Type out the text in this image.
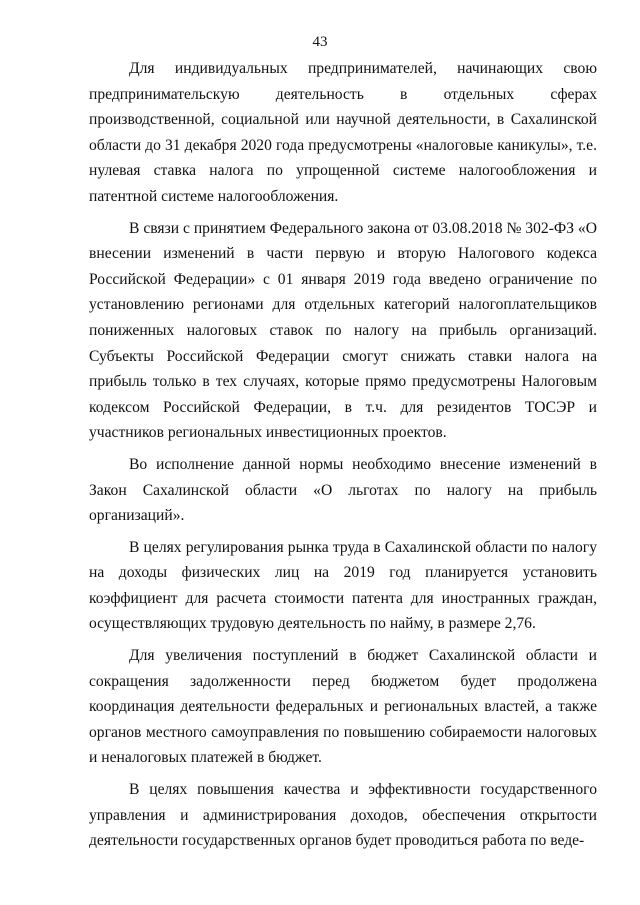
43

Для индивидуальных предпринимателей, начинающих свою предпринимательскую деятельность в отдельных сферах производственной, социальной или научной деятельности, в Сахалинской области до 31 декабря 2020 года предусмотрены «налоговые каникулы», т.е. нулевая ставка налога по упрощенной системе налогообложения и патентной системе налогообложения.

В связи с принятием Федерального закона от 03.08.2018 № 302-ФЗ «О внесении изменений в части первую и вторую Налогового кодекса Российской Федерации» с 01 января 2019 года введено ограничение по установлению регионами для отдельных категорий налогоплательщиков пониженных налоговых ставок по налогу на прибыль организаций. Субъекты Российской Федерации смогут снижать ставки налога на прибыль только в тех случаях, которые прямо предусмотрены Налоговым кодексом Российской Федерации, в т.ч. для резидентов ТОСЭР и участников региональных инвестиционных проектов.

Во исполнение данной нормы необходимо внесение изменений в Закон Сахалинской области «О льготах по налогу на прибыль организаций».

В целях регулирования рынка труда в Сахалинской области по налогу на доходы физических лиц на 2019 год планируется установить коэффициент для расчета стоимости патента для иностранных граждан, осуществляющих трудовую деятельность по найму, в размере 2,76.

Для увеличения поступлений в бюджет Сахалинской области и сокращения задолженности перед бюджетом будет продолжена координация деятельности федеральных и региональных властей, а также органов местного самоуправления по повышению собираемости налоговых и неналоговых платежей в бюджет.

В целях повышения качества и эффективности государственного управления и администрирования доходов, обеспечения открытости деятельности государственных органов будет проводиться работа по веде-
